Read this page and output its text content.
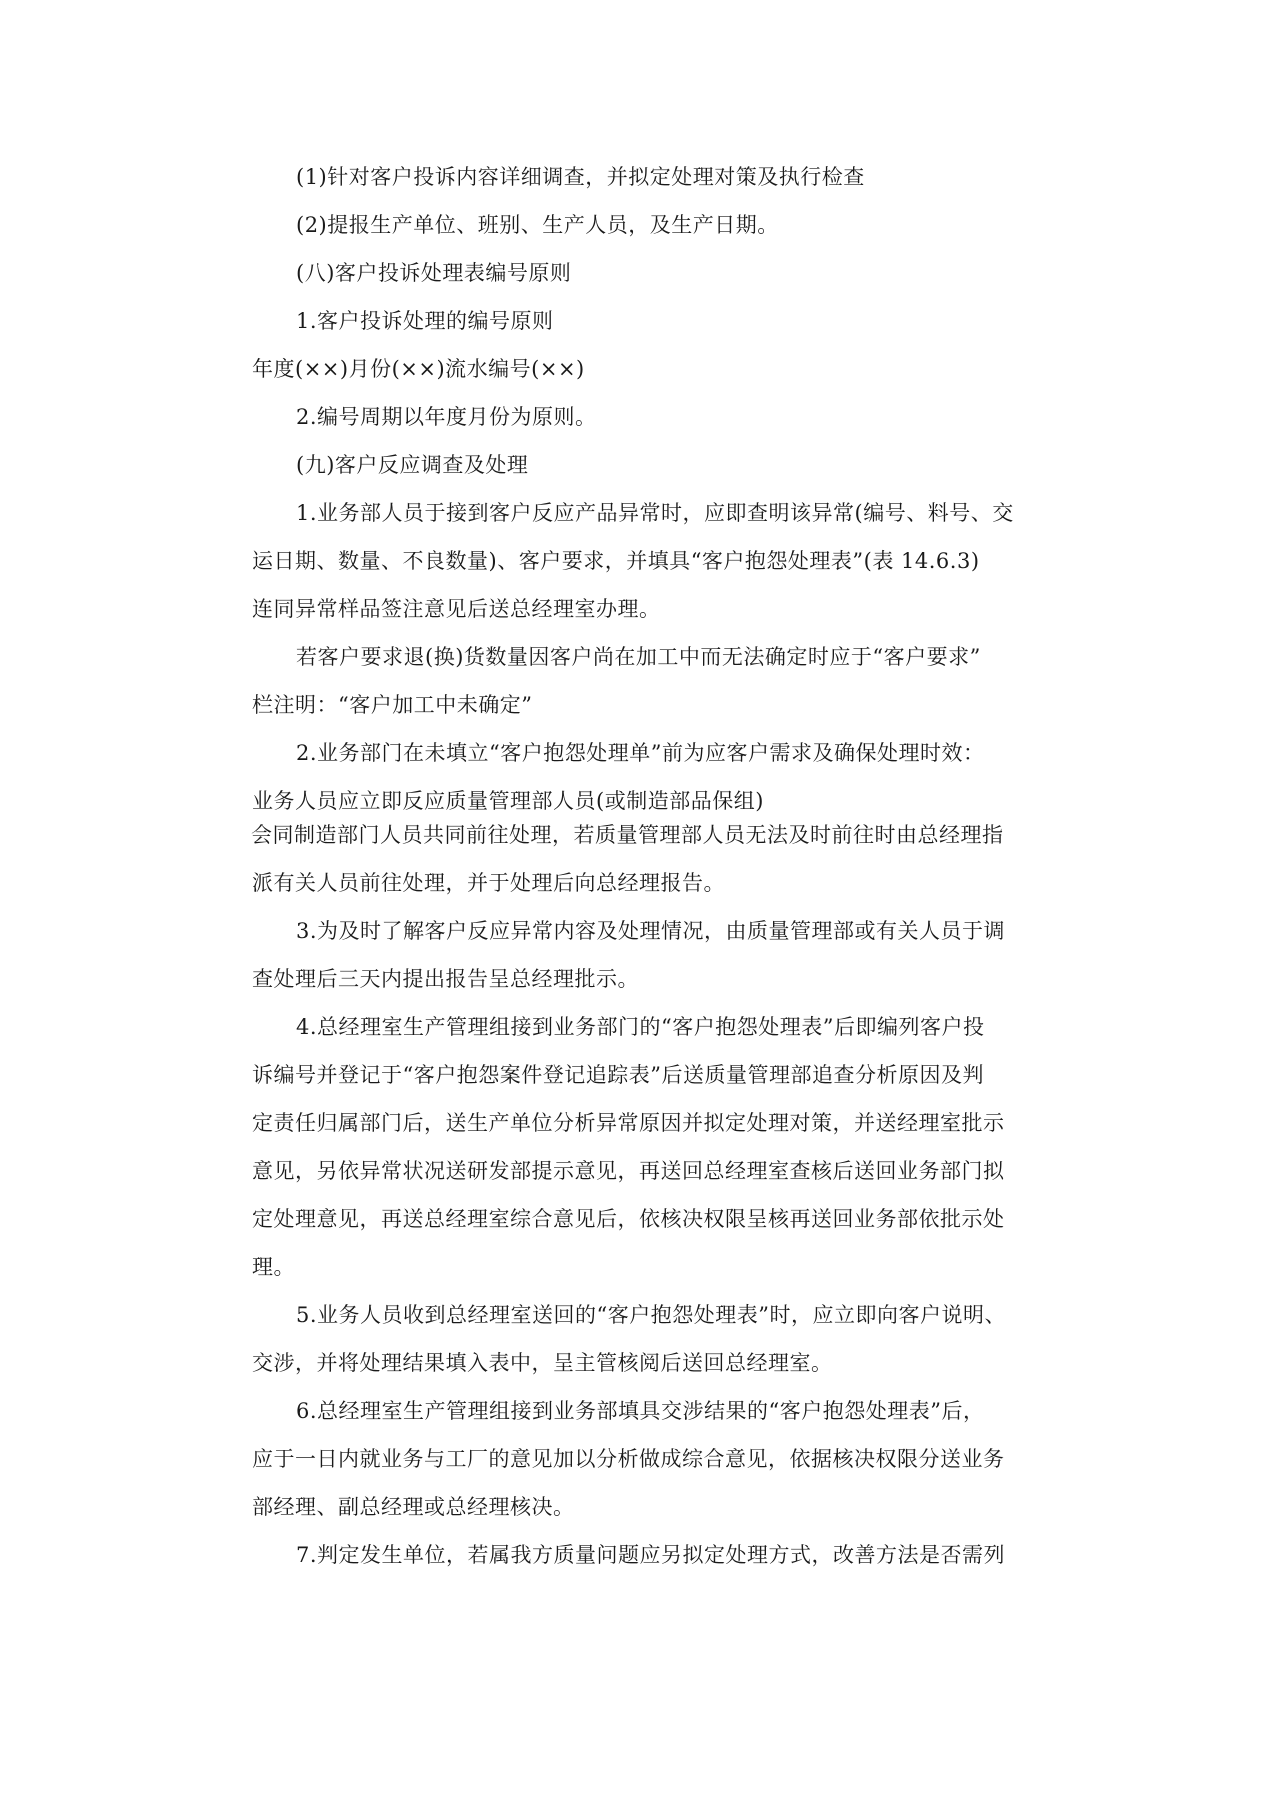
(1)针对客户投诉内容详细调查，并拟定处理对策及执行检查
(2)提报生产单位、班别、生产人员，及生产日期。
(八)客户投诉处理表编号原则
1.客户投诉处理的编号原则
年度(××)月份(××)流水编号(××)
2.编号周期以年度月份为原则。
(九)客户反应调查及处理
1.业务部人员于接到客户反应产品异常时，应即查明该异常(编号、料号、交
运日期、数量、不良数量)、客户要求，并填具“客户抱怨处理表”(表 14.6.3)
连同异常样品签注意见后送总经理室办理。
若客户要求退(换)货数量因客户尚在加工中而无法确定时应于“客户要求”
栏注明：“客户加工中未确定”
2.业务部门在未填立“客户抱怨处理单”前为应客户需求及确保处理时效：
业务人员应立即反应质量管理部人员(或制造部品保组)
会同制造部门人员共同前往处理，若质量管理部人员无法及时前往时由总经理指
派有关人员前往处理，并于处理后向总经理报告。
3.为及时了解客户反应异常内容及处理情况，由质量管理部或有关人员于调
查处理后三天内提出报告呈总经理批示。
4.总经理室生产管理组接到业务部门的“客户抱怨处理表”后即编列客户投
诉编号并登记于“客户抱怨案件登记追踪表”后送质量管理部追查分析原因及判
定责任归属部门后，送生产单位分析异常原因并拟定处理对策，并送经理室批示
意见，另依异常状况送研发部提示意见，再送回总经理室查核后送回业务部门拟
定处理意见，再送总经理室综合意见后，依核决权限呈核再送回业务部依批示处
理。
5.业务人员收到总经理室送回的“客户抱怨处理表”时，应立即向客户说明、
交涉，并将处理结果填入表中，呈主管核阅后送回总经理室。
6.总经理室生产管理组接到业务部填具交涉结果的“客户抱怨处理表”后，
应于一日内就业务与工厂的意见加以分析做成综合意见，依据核决权限分送业务
部经理、副总经理或总经理核决。
7.判定发生单位，若属我方质量问题应另拟定处理方式，改善方法是否需列
